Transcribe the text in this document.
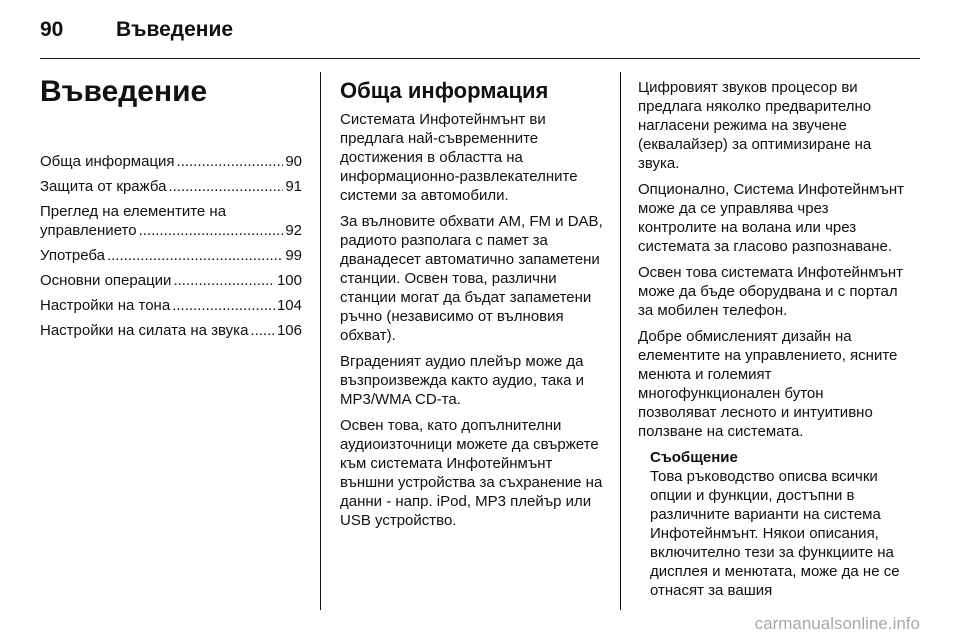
90	Въведение
Въведение
Обща информация .....	90
Защита от кражба .....	91
Преглед на елементите на
управлението .....	92
Употреба .....	99
Основни операции .....	100
Настройки на тона .....	104
Настройки на силата на звука ..... 106
Обща информация

Системата Инфотейнмънт ви предлага най-съвременните достижения в областта на информационно-развлекателните системи за автомобили.

За вълновите обхвати AM, FM и DAB, радиото разполага с памет за дванадесет автоматично запаметени станции. Освен това, различни станции могат да бъдат запаметени ръчно (независимо от вълновия обхват).

Вграденият аудио плейър може да възпроизвежда както аудио, така и MP3/WMA CD-та.

Освен това, като допълнителни аудиоизточници можете да свържете към системата Инфотейнмънт външни устройства за съхранение на данни - напр. iPod, MP3 плейър или USB устройство.

Цифровият звуков процесор ви предлага няколко предварително нагласени режима на звучене (еквалайзер) за оптимизиране на звука.

Опционално, Система Инфотейнмънт може да се управлява чрез контролите на волана или чрез системата за гласово разпознаване.

Освен това системата Инфотейнмънт може да бъде оборудвана и с портал за мобилен телефон.

Добре обмисленият дизайн на елементите на управлението, ясните менюта и големият многофункционален бутон позволяват лесното и интуитивно ползване на системата.

Съобщение
Това ръководство описва всички опции и функции, достъпни в различните варианти на система Инфотейнмънт. Някои описания, включително тези за функциите на дисплея и менютата, може да не се отнасят за вашия
carmanualsonline.info
